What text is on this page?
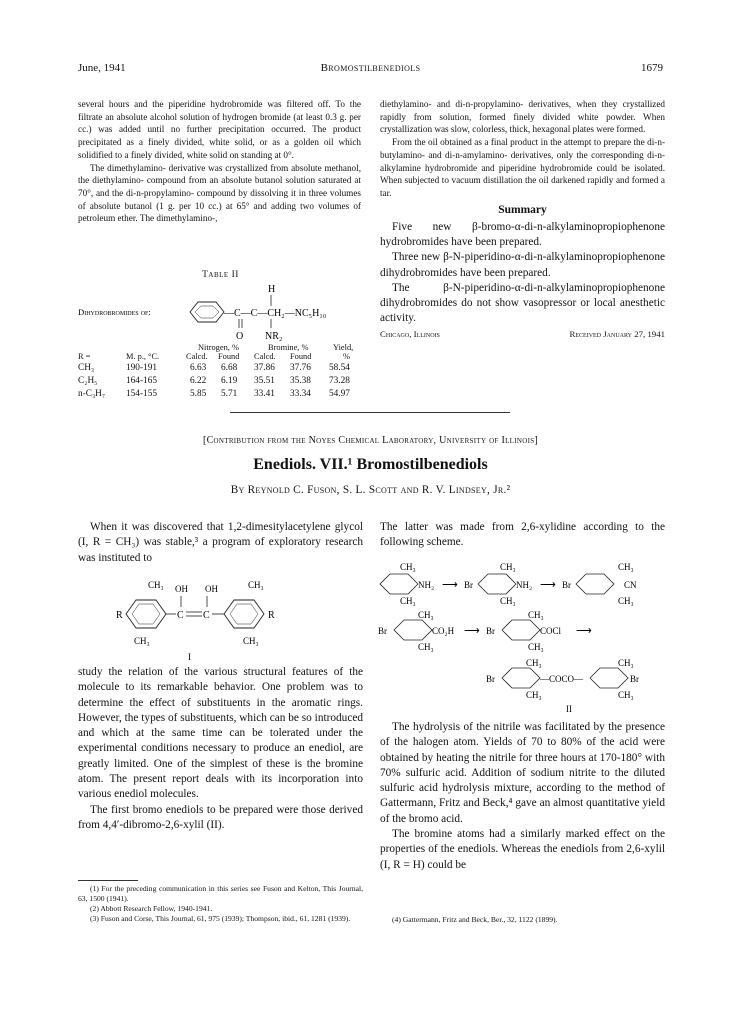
June, 1941	Bromostilbenediols	1679

several hours and the piperidine hydrobromide was filtered off. To the filtrate an absolute alcohol solution of hydrogen bromide (at least 0.3 g. per cc.) was added until no further precipitation occurred. The product precipitated as a finely divided, white solid, or as a golden oil which solidified to a finely divided, white solid on standing at 0°.

The dimethylamino- derivative was crystallized from absolute methanol, the diethylamino- compound from an absolute butanol solution saturated at 70°, and the di-n-propylamino- compound by dissolving it in three volumes of absolute butanol (1 g. per 10 cc.) at 65° and adding two volumes of petroleum ether. The dimethylamino-,

diethylamino- and di-n-propylamino- derivatives, when they crystallized rapidly from solution, formed finely divided white powder. When crystallization was slow, colorless, thick, hexagonal plates were formed.

From the oil obtained as a final product in the attempt to prepare the di-n-butylamino- and di-n-amylamino- derivatives, only the corresponding di-n-alkylamine hydrobromide and piperidine hydrobromide could be isolated. When subjected to vacuum distillation the oil darkened rapidly and formed a tar.

Summary

Five new β-bromo-α-di-n-alkylaminopropiophenone hydrobromides have been prepared.

Three new β-N-piperidino-α-di-n-alkylaminopropiophenone dihydrobromides have been prepared.

The β-N-piperidino-α-di-n-alkylaminopropiophenone dihydrobromides do not show vasopressor or local anesthetic activity.

Chicago, Illinois	Received January 27, 1941
Table II
Dihydrobromides of:
H
—C—C—CH₂—NC₅H₁₀
O NR₂
Nitrogen, %	Bromine, %	Yield,
R =	M. p., °C.	Calcd. Found Calcd. Found	%
CH₃	190-191	6.63 6.68 37.86 37.76 58.54
C₂H₅	164-165	6.22 6.19 35.51 35.38 73.28
n-C₃H₇ 154-155	5.85 5.71 33.41 33.34 54.97
[Contribution from the Noyes Chemical Laboratory, University of Illinois]
Enediols. VII.¹ Bromostilbenediols
By Reynold C. Fuson, S. L. Scott and R. V. Lindsey, Jr.²

When it was discovered that 1,2-dimesitylacetylene glycol (I, R = CH₃) was stable,³ a program of exploratory research was instituted to

CH₃ OH OH	CH₃
R	C C	R
CH₃	CH₃
I

study the relation of the various structural features of the molecule to its remarkable behavior. One problem was to determine the effect of substituents in the aromatic rings. However, the types of substituents, which can be so introduced and which at the same time can be tolerated under the experimental conditions necessary to produce an enediol, are greatly limited. One of the simplest of these is the bromine atom. The present report deals with its incorporation into various enediol molecules.

The first bromo enediols to be prepared were those derived from 4,4′-dibromo-2,6-xylil (II).

(1) For the preceding communication in this series see Fuson and Kelton, This Journal, 63, 1500 (1941).

(2) Abbott Research Fellow, 1940-1941.

(3) Fuson and Corse, This Journal, 61, 975 (1939); Thompson, ibid., 61, 1281 (1939).

The latter was made from 2,6-xylidine according to the following scheme.

CH₃
NH₂
CH₃
⟶ Br
CH₃
NH₂
CH₃
⟶ Br
CH₃
CN
CH₃
CH₃
Br	CO₂H
CH₃
⟶ Br
CH₃
COCl
CH₃
⟶
CH₃	CH₃
Br	—COCO—	Br
CH₃	CH₃
II

The hydrolysis of the nitrile was facilitated by the presence of the halogen atom. Yields of 70 to 80% of the acid were obtained by heating the nitrile for three hours at 170-180° with 70% sulfuric acid. Addition of sodium nitrite to the diluted sulfuric acid hydrolysis mixture, according to the method of Gattermann, Fritz and Beck,⁴ gave an almost quantitative yield of the bromo acid.

The bromine atoms had a similarly marked effect on the properties of the enediols. Whereas the enediols from 2,6-xylil (I, R = H) could be

(4) Gattermann, Fritz and Beck, Ber., 32, 1122 (1899).
